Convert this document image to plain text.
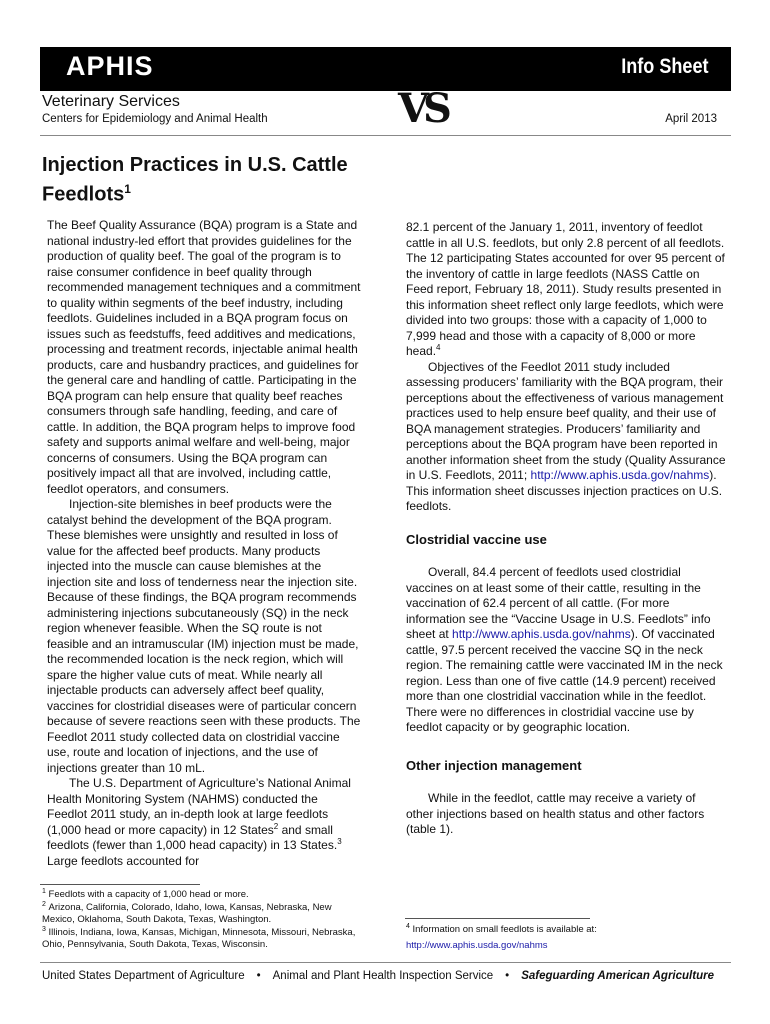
APHIS	Info Sheet
Veterinary Services
Centers for Epidemiology and Animal Health	VS	April 2013
Injection Practices in U.S. Cattle Feedlots$^1$

The Beef Quality Assurance (BQA) program is a State and national industry-led effort that provides guidelines for the production of quality beef. The goal of the program is to raise consumer confidence in beef quality through recommended management techniques and a commitment to quality within segments of the beef industry, including feedlots. Guidelines included in a BQA program focus on issues such as feedstuffs, feed additives and medications, processing and treatment records, injectable animal health products, care and husbandry practices, and guidelines for the general care and handling of cattle. Participating in the BQA program can help ensure that quality beef reaches consumers through safe handling, feeding, and care of cattle. In addition, the BQA program helps to improve food safety and supports animal welfare and well-being, major concerns of consumers. Using the BQA program can positively impact all that are involved, including cattle, feedlot operators, and consumers.

Injection-site blemishes in beef products were the catalyst behind the development of the BQA program. These blemishes were unsightly and resulted in loss of value for the affected beef products. Many products injected into the muscle can cause blemishes at the injection site and loss of tenderness near the injection site. Because of these findings, the BQA program recommends administering injections subcutaneously (SQ) in the neck region whenever feasible. When the SQ route is not feasible and an intramuscular (IM) injection must be made, the recommended location is the neck region, which will spare the higher value cuts of meat. While nearly all injectable products can adversely affect beef quality, vaccines for clostridial diseases were of particular concern because of severe reactions seen with these products. The Feedlot 2011 study collected data on clostridial vaccine use, route and location of injections, and the use of injections greater than 10 mL.

The U.S. Department of Agriculture’s National Animal Health Monitoring System (NAHMS) conducted the Feedlot 2011 study, an in-depth look at large feedlots (1,000 head or more capacity) in 12 States$^2$ and small feedlots (fewer than 1,000 head capacity) in 13 States.$^3$ Large feedlots accounted for

82.1 percent of the January 1, 2011, inventory of feedlot cattle in all U.S. feedlots, but only 2.8 percent of all feedlots. The 12 participating States accounted for over 95 percent of the inventory of cattle in large feedlots (NASS Cattle on Feed report, February 18, 2011). Study results presented in this information sheet reflect only large feedlots, which were divided into two groups: those with a capacity of 1,000 to 7,999 head and those with a capacity of 8,000 or more head.$^4$

Objectives of the Feedlot 2011 study included assessing producers’ familiarity with the BQA program, their perceptions about the effectiveness of various management practices used to help ensure beef quality, and their use of BQA management strategies. Producers’ familiarity and perceptions about the BQA program have been reported in another information sheet from the study (Quality Assurance in U.S. Feedlots, 2011; http://www.aphis.usda.gov/nahms). This information sheet discusses injection practices on U.S. feedlots.

Clostridial vaccine use

Overall, 84.4 percent of feedlots used clostridial vaccines on at least some of their cattle, resulting in the vaccination of 62.4 percent of all cattle. (For more information see the “Vaccine Usage in U.S. Feedlots” info sheet at http://www.aphis.usda.gov/nahms). Of vaccinated cattle, 97.5 percent received the vaccine SQ in the neck region. The remaining cattle were vaccinated IM in the neck region. Less than one of five cattle (14.9 percent) received more than one clostridial vaccination while in the feedlot. There were no differences in clostridial vaccine use by feedlot capacity or by geographic location.

Other injection management

While in the feedlot, cattle may receive a variety of other injections based on health status and other factors (table 1).

$^1$ Feedlots with a capacity of 1,000 head or more.

$^2$ Arizona, California, Colorado, Idaho, Iowa, Kansas, Nebraska, New Mexico, Oklahoma, South Dakota, Texas, Washington.

$^3$ Illinois, Indiana, Iowa, Kansas, Michigan, Minnesota, Missouri, Nebraska, Ohio, Pennsylvania, South Dakota, Texas, Wisconsin.

$^4$ Information on small feedlots is available at:

http://www.aphis.usda.gov/nahms

United States Department of Agriculture • Animal and Plant Health Inspection Service • Safeguarding American Agriculture
